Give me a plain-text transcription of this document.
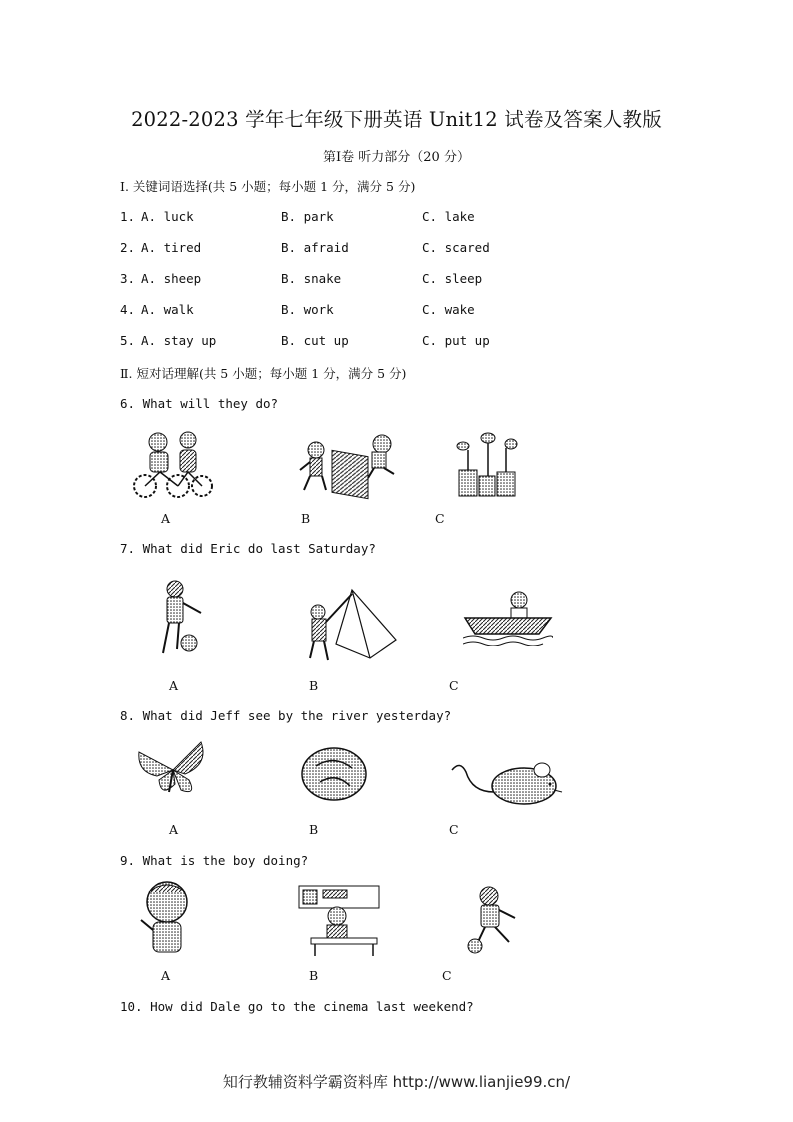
2022-2023 学年七年级下册英语 Unit12 试卷及答案人教版
第Ⅰ卷 听力部分（20 分）
Ⅰ. 关键词语选择(共 5 小题；每小题 1 分，满分 5 分)
1. A. luck	B. park	C. lake
2. A. tired	B. afraid	C. scared
3. A. sheep	B. snake	C. sleep
4. A. walk	B. work	C. wake
5. A. stay up	B. cut up	C. put up
Ⅱ. 短对话理解(共 5 小题；每小题 1 分，满分 5 分)
6. What will they do?
A	B	C
7. What did Eric do last Saturday?
A	B	C
8. What did Jeff see by the river yesterday?
A	B	C
9. What is the boy doing?
A	B	C
10. How did Dale go to the cinema last weekend?
知行教辅资料学霸资料库 http://www.lianjie99.cn/
